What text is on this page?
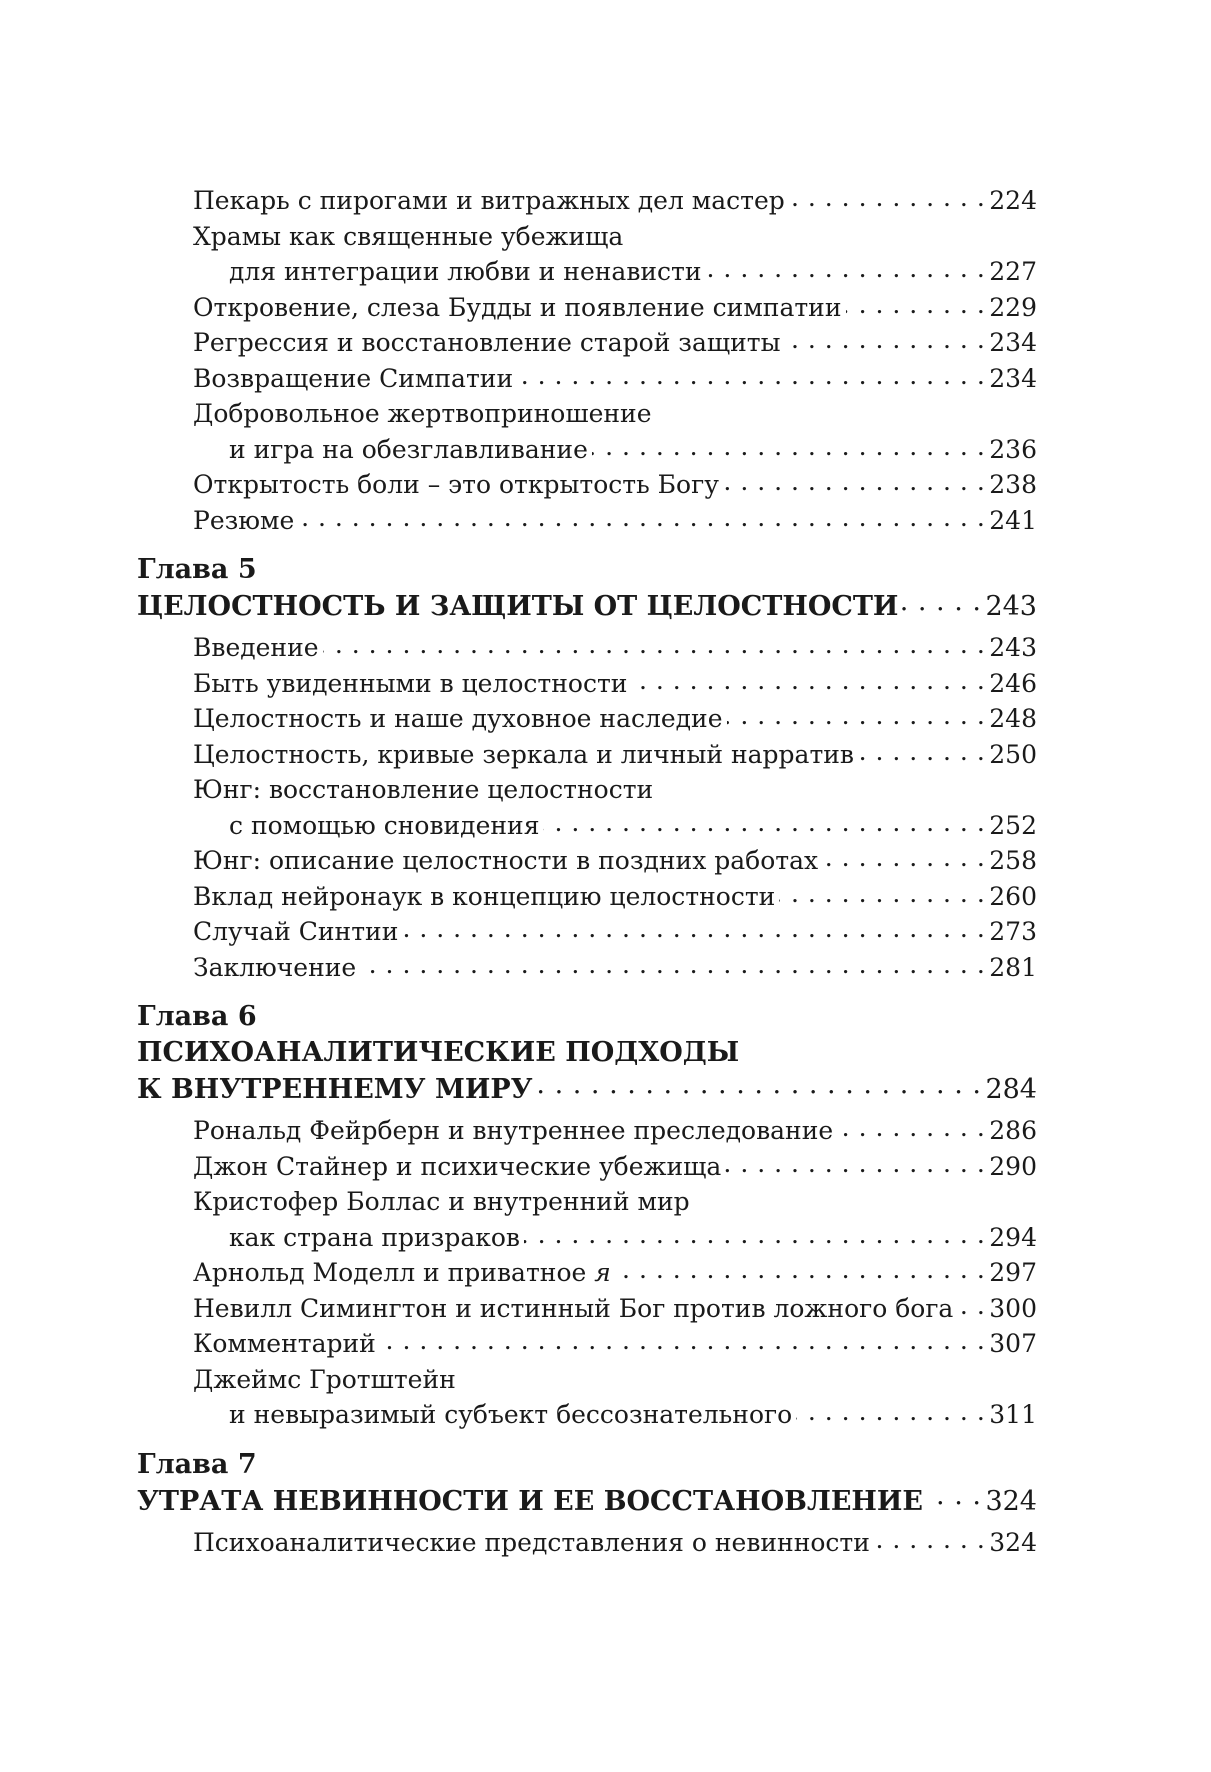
Пекарь с пирогами и витражных дел мастер . . .	224
Храмы как священные убежища
для интеграции любви и ненависти . . .	227
Откровение, слеза Будды и появление симпатии . . .	229
Регрессия и восстановление старой защиты . . .	234
Возвращение Симпатии . . .	234
Добровольное жертвоприношение
и игра на обезглавливание . . .	236
Открытость боли – это открытость Богу . . .	238
Резюме . . .	241
Глава 5
ЦЕЛОСТНОСТЬ И ЗАЩИТЫ ОТ ЦЕЛОСТНОСТИ . . .	243
Введение . . .	243
Быть увиденными в целостности . . .	246
Целостность и наше духовное наследие . . .	248
Целостность, кривые зеркала и личный нарратив . . .	250
Юнг: восстановление целостности
с помощью сновидения . . .	252
Юнг: описание целостности в поздних работах . . .	258
Вклад нейронаук в концепцию целостности . . .	260
Случай Синтии . . .	273
Заключение . . .	281
Глава 6
ПСИХОАНАЛИТИЧЕСКИЕ ПОДХОДЫ
К ВНУТРЕННЕМУ МИРУ . . .	284
Рональд Фейрберн и внутреннее преследование . . .	286
Джон Стайнер и психические убежища . . .	290
Кристофер Боллас и внутренний мир
как страна призраков . . .	294
Арнольд Моделл и приватное я . . .	297
Невилл Симингтон и истинный Бог против ложного бога . . . 300
Комментарий . . .	307
Джеймс Гротштейн
и невыразимый субъект бессознательного . . .	311
Глава 7
УТРАТА НЕВИННОСТИ И ЕЕ ВОССТАНОВЛЕНИЕ . . . 324
Психоаналитические представления о невинности . . .	324
